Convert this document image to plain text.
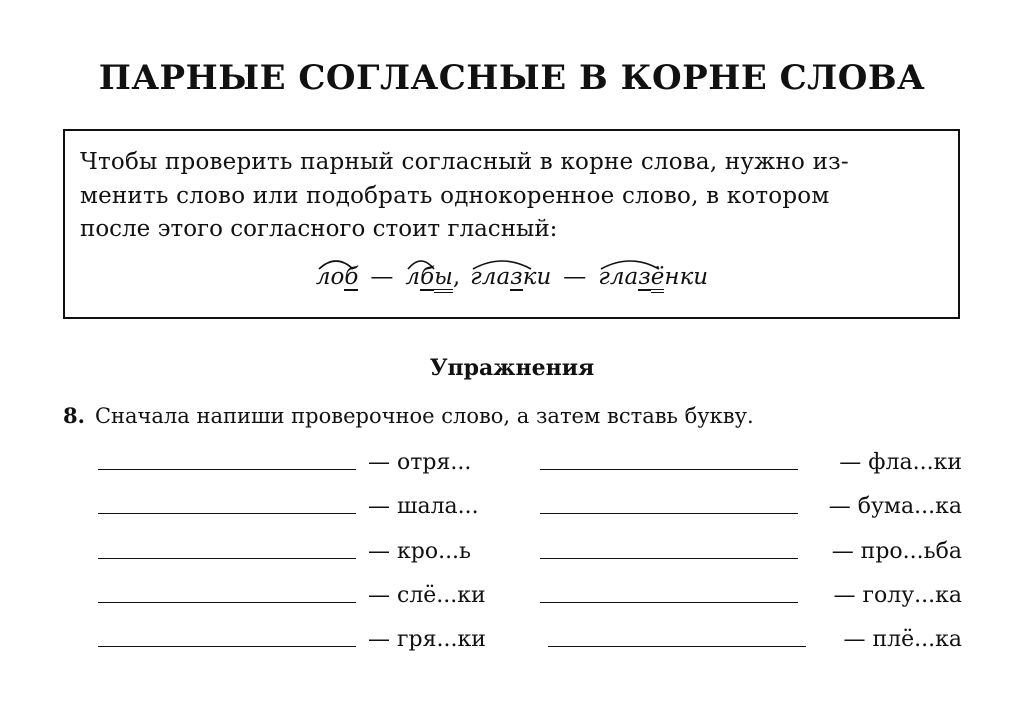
ПАРНЫЕ СОГЛАСНЫЕ В КОРНЕ СЛОВА
Чтобы проверить парный согласный в корне слова, нужно из-
менить слово или подобрать однокоренное слово, в котором
после этого согласного стоит гласный:
лоб — лбы, глазки — глазёнки
Упражнения
8. Сначала напиши проверочное слово, а затем вставь букву.
— отря...	— фла...ки
— шала...	— бума...ка
— кро...ь	— про...ьба
— слё...ки	— голу...ка
— гря...ки	— плё...ка
